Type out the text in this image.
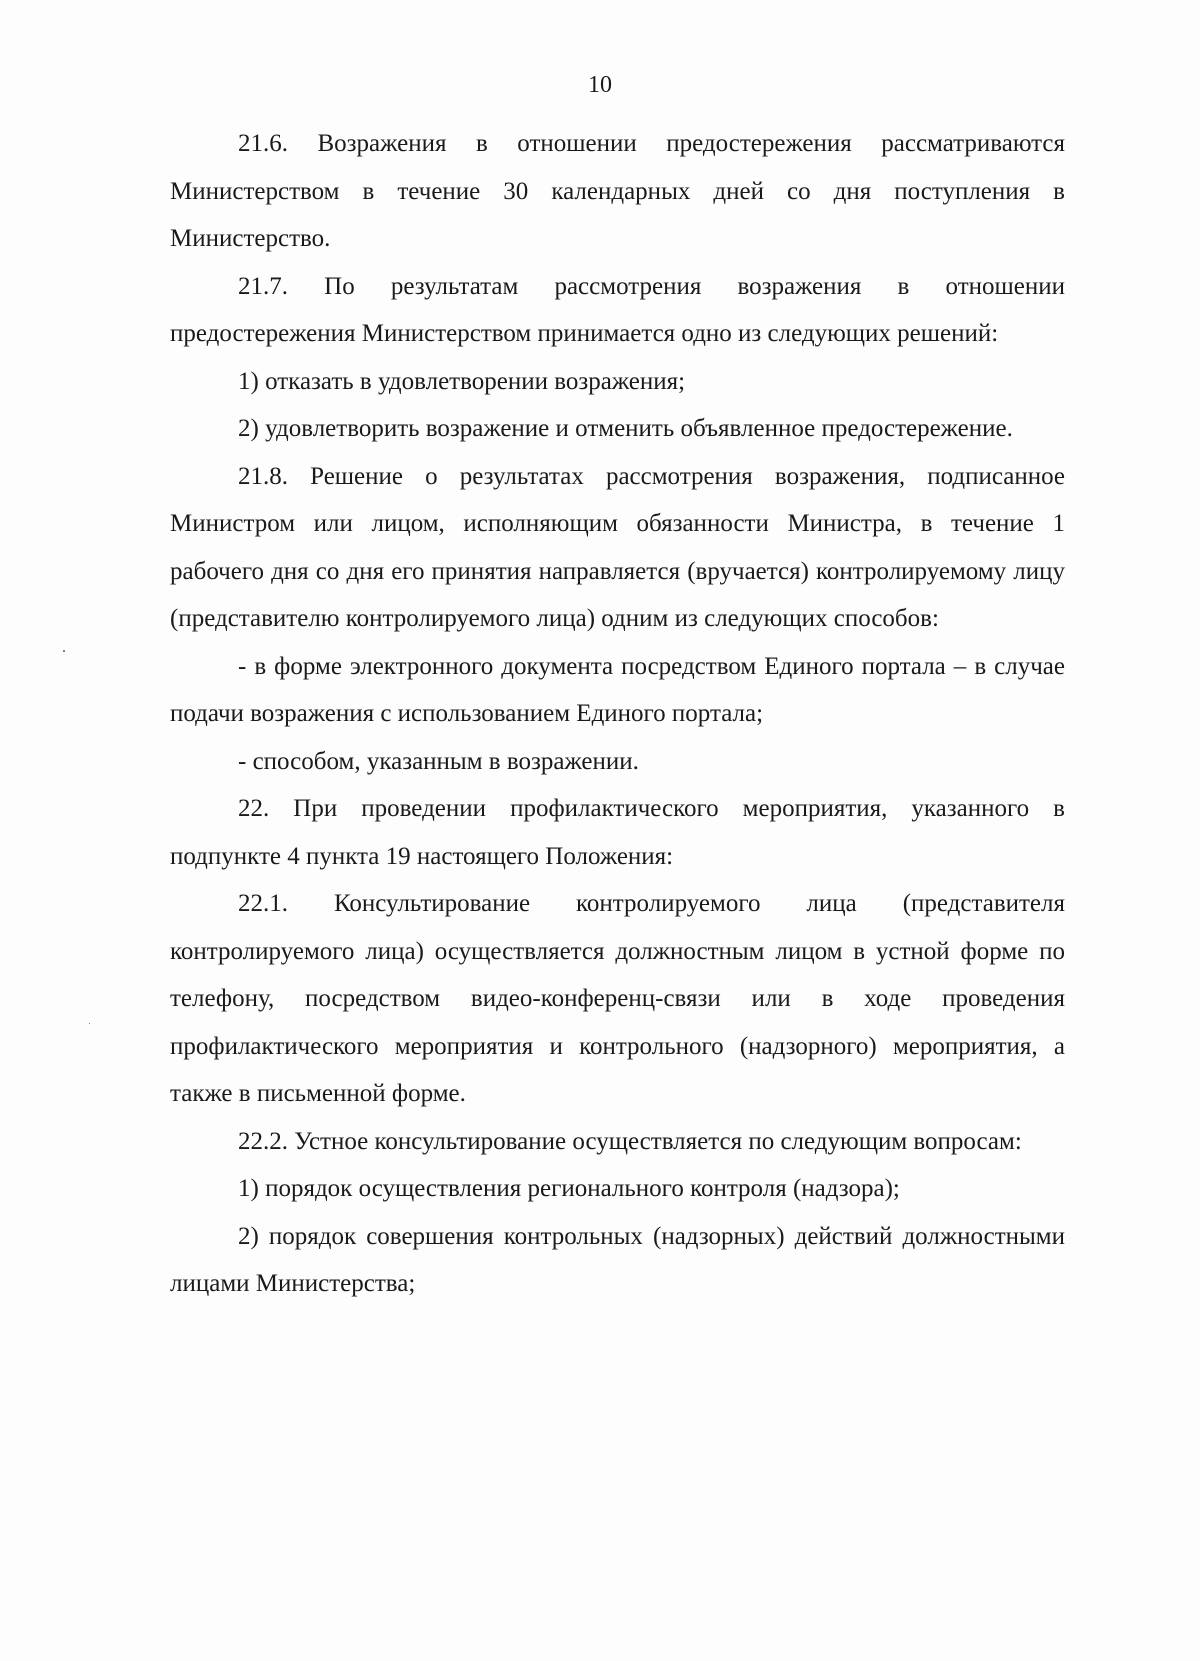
10

21.6. Возражения в отношении предостережения рассматриваются Министерством в течение 30 календарных дней со дня поступления в Министерство.

21.7. По результатам рассмотрения возражения в отношении предостережения Министерством принимается одно из следующих решений:

1) отказать в удовлетворении возражения;

2) удовлетворить возражение и отменить объявленное предостережение.

21.8. Решение о результатах рассмотрения возражения, подписанное Министром или лицом, исполняющим обязанности Министра, в течение 1 рабочего дня со дня его принятия направляется (вручается) контролируемому лицу (представителю контролируемого лица) одним из следующих способов:

- в форме электронного документа посредством Единого портала – в случае подачи возражения с использованием Единого портала;

- способом, указанным в возражении.

22. При проведении профилактического мероприятия, указанного в подпункте 4 пункта 19 настоящего Положения:

22.1. Консультирование контролируемого лица (представителя контролируемого лица) осуществляется должностным лицом в устной форме по телефону, посредством видео-конференц-связи или в ходе проведения профилактического мероприятия и контрольного (надзорного) мероприятия, а также в письменной форме.

22.2. Устное консультирование осуществляется по следующим вопросам:

1) порядок осуществления регионального контроля (надзора);

2) порядок совершения контрольных (надзорных) действий должностными лицами Министерства;
